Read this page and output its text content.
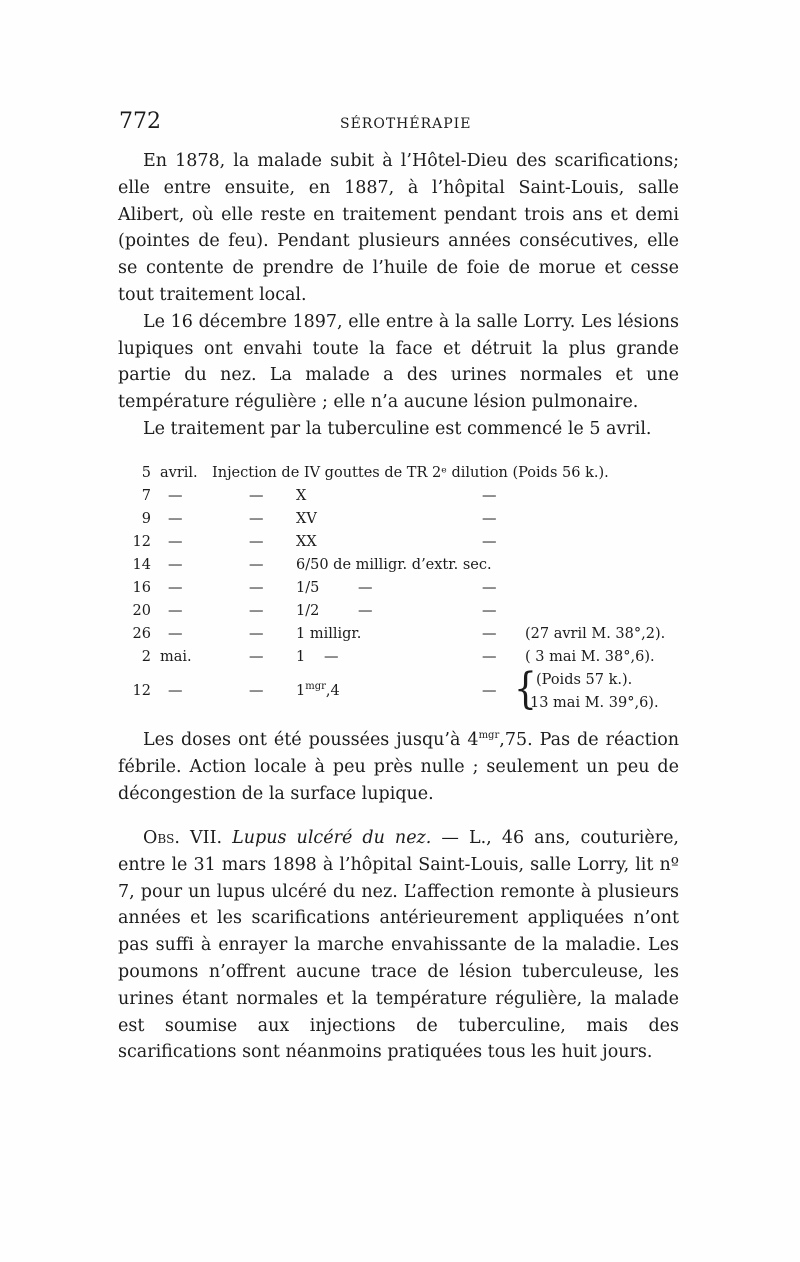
772	SÉROTHÉRAPIE

En 1878, la malade subit à l’Hôtel-Dieu des scarifications; elle entre ensuite, en 1887, à l’hôpital Saint-Louis, salle Alibert, où elle reste en traitement pendant trois ans et demi (pointes de feu). Pendant plusieurs années consécutives, elle se contente de prendre de l’huile de foie de morue et cesse tout traitement local.

Le 16 décembre 1897, elle entre à la salle Lorry. Les lésions lupiques ont envahi toute la face et détruit la plus grande partie du nez. La malade a des urines normales et une température régulière ; elle n’a aucune lésion pulmonaire.

Le traitement par la tuberculine est commencé le 5 avril.

5 avril. Injection de IV gouttes de TR 2ᵉ dilution (Poids 56 k.).
7 —	— X	—
9 —	— XV	—
12 —	— XX	—
14 —	— 6/50 de milligr. d’extr. sec.
16 —	— 1/5	—	—
20 —	— 1/2	—	—
26 —	— 1 milligr.	— (27 avril M. 38°,2).
2 mai.	— 1 —	— ( 3 mai M. 38°,6).
12 —	— $1^{mgr},4$	— { (Poids 57 k.).
13 mai M. 39°,6).

Les doses ont été poussées jusqu’à $4^{mgr},75$. Pas de réaction fébrile. Action locale à peu près nulle ; seulement un peu de décongestion de la surface lupique.

Obs. VII. Lupus ulcéré du nez. — L., 46 ans, couturière, entre le 31 mars 1898 à l’hôpital Saint-Louis, salle Lorry, lit nº 7, pour un lupus ulcéré du nez. L’affection remonte à plusieurs années et les scarifications antérieurement appliquées n’ont pas suffi à enrayer la marche envahissante de la maladie. Les poumons n’offrent aucune trace de lésion tuberculeuse, les urines étant normales et la température régulière, la malade est soumise aux injections de tuberculine, mais des scarifications sont néanmoins pratiquées tous les huit jours.
